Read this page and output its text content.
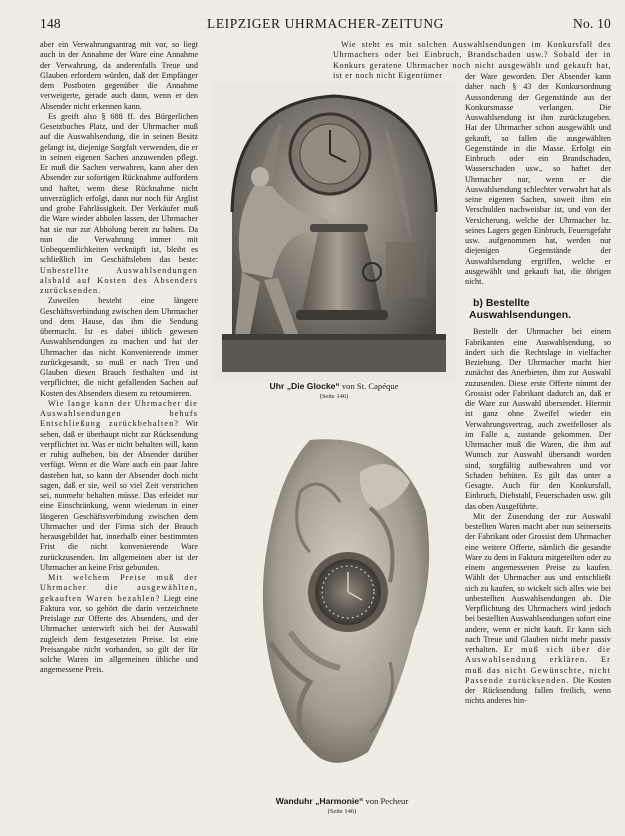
148	LEIPZIGER UHRMACHER-ZEITUNG	No. 10

aber ein Verwahrungsantrag mit vor, so liegt auch in der Annahme der Ware eine Annahme der Verwahrung, da anderenfalls Treue und Glauben erfordern würden, daß der Empfänger dem Postboten gegenüber die Annahme verweigerte, gerade auch dann, wenn er den Absender nicht erkennen kann.

Es greift also § 688 ff. des Bürgerlichen Gesetzbuches Platz, und der Uhrmacher muß auf die Auswahlsendung, die in seinen Besitz gelangt ist, diejenige Sorgfalt verwenden, die er in seinen eigenen Sachen anzuwenden pflegt. Er muß die Sachen verwahren, kann aber den Absender zur sofortigen Rücknahme auffordern und haftet, wenn diese Rücknahme nicht unverzüglich erfolgt, dann nur noch für Arglist und grobe Fahrlässigkeit. Der Verkäufer muß die Ware wieder abholen lassen, der Uhrmacher hat sie nur zur Abholung bereit zu halten. Da nun die Verwahrung immer mit Unbequemlichkeiten verknüpft ist, bleibt es schließlich im Geschäftsleben das beste: Unbestellte Auswahlsendungen alsbald auf Kosten des Absenders zurücksenden.

Zuweilen besteht eine längere Geschäftsverbindung zwischen dem Uhrmacher und dem Hause, das ihm die Sendung übermacht. Ist es dabei üblich gewesen Auswahlsendungen zu machen und hat der Uhrmacher das nicht Konvenierende immer zurückgesandt, so muß er nach Treu und Glauben diesen Brauch festhalten und ist verpflichtet, die nicht gefallenden Sachen auf Kosten des Absenders diesem zu retournieren.

Wie lange kann der Uhrmacher die Auswahlsendungen behufs Entschließung zurückbehalten? Wir sehen, daß er überhaupt nicht zur Rücksendung verpflichtet ist. Was er nicht behalten will, kann er ruhig aufheben, bis der Absender darüber verfügt. Wenn er die Ware auch ein paar Jahre dastehen hat, so kann der Absender doch nicht sagen, daß er sie, weil so viel Zeit verstrichen sei, nunmehr behalten müsse. Das erleidet nur eine Einschränkung, wenn wiederum in einer längeren Geschäftsverbindung zwischen dem Uhrmacher und der Firma sich der Brauch herausgebildet hat, innerhalb einer bestimmten Frist die nicht konvenierende Ware zurückzusenden. Im allgemeinen aber ist der Uhrmacher an keine Frist gebunden.

Mit welchem Preise muß der Uhrmacher die ausgewählten, gekauften Waren bezahlen? Liegt eine Faktura vor, so gehört die darin verzeichnete Preislage zur Offerte des Absenders, und der Uhrmacher unterwirft sich bei der Auswahl zugleich dem festgesetzten Preise. Ist eine Preisangabe nicht vorhanden, so gilt der für solche Waren im allgemeinen übliche und angemessene Preis.

Wie steht es mit solchen Auswahlsendungen im Konkursfall des Uhrmachers oder bei Einbruch, Brandschaden usw.? Sobald der in Konkurs geratene Uhrmacher noch nicht ausgewählt und gekauft hat, ist er noch nicht Eigentümer	der Ware geworden. Der Absender kann daher nach § 43 der Konkursordnung Aussonderung der Gegenstände aus der Konkursmasse verlangen. Die Auswahlsendung ist ihm zurückzugeben. Hat der Uhrmacher schon ausgewählt und gekauft, so fallen die ausgewählten Gegenstände in die Masse. Erfolgt ein Einbruch oder ein Brandschaden, Wasserschaden usw., so haftet der Uhrmacher nur, wenn er die Auswahlsendung schlechter verwahrt hat als seine eigenen Sachen, soweit ihm ein Verschulden nachweisbar ist, und von der Versicherung, welche der Uhrmacher bz. seines Lagers gegen Einbruch, Feuersgefahr usw. aufgenommen hat, werden nur diejenigen Gegenstände der Auswahlsendung ergriffen, welche er ausgewählt und gekauft hat, die übrigen nicht.

b) Bestellte
Auswahlsendungen.

Bestellt der Uhrmacher bei einem Fabrikanten eine Auswahlsendung, so ändert sich die Rechtslage in vielfacher Beziehung. Der Uhrmacher macht hier zunächst das Anerbieten, ihm zur Auswahl zuzusenden. Diese erste Offerte nimmt der Grossist oder Fabrikant dadurch an, daß er die Ware zur Auswahl übersendet. Hiermit ist ganz ohne Zweifel wieder ein Verwahrungsvertrag, auch zweifelloser als im Falle a, zustande gekommen. Der Uhrmacher muß die Waren, die ihm auf Wunsch zur Auswahl übersandt worden sind, sorgfältig aufbewahren und vor Schaden behüten. Es gilt das unter a Gesagte. Auch für den Konkursfall, Einbruch, Diebstahl, Feuerschaden usw. gilt das oben Ausgeführte.

Mit der Zusendung der zur Auswahl bestellten Waren macht aber nun seinerseits der Fabrikant oder Grossist dem Uhrmacher eine weitere Offerte, nämlich die gesandte Ware zu dem in Faktura mitgeteilten oder zu einem angemessenen Preise zu kaufen. Wählt der Uhrmacher aus und entschließt sich zu kaufen, so wickelt sich alles wie bei unbestellten Auswahlsendungen ab. Die Verpflichtung des Uhrmachers wird jedoch bei bestellten Auswahlsendungen sofort eine andere, wenn er nicht kauft. Er kann sich nach Treue und Glauben nicht mehr passiv verhalten. Er muß sich über die Auswahlsendung erklären. Er muß das nicht Gewünschte, nicht Passende zurücksenden. Die Kosten der Rücksendung fallen freilich, wenn nichts anderes hin-

Uhr „Die Glocke“ von St. Capéque
(Seite 146)
Wanduhr „Harmonie“ von Pecheur
(Seite 146)
